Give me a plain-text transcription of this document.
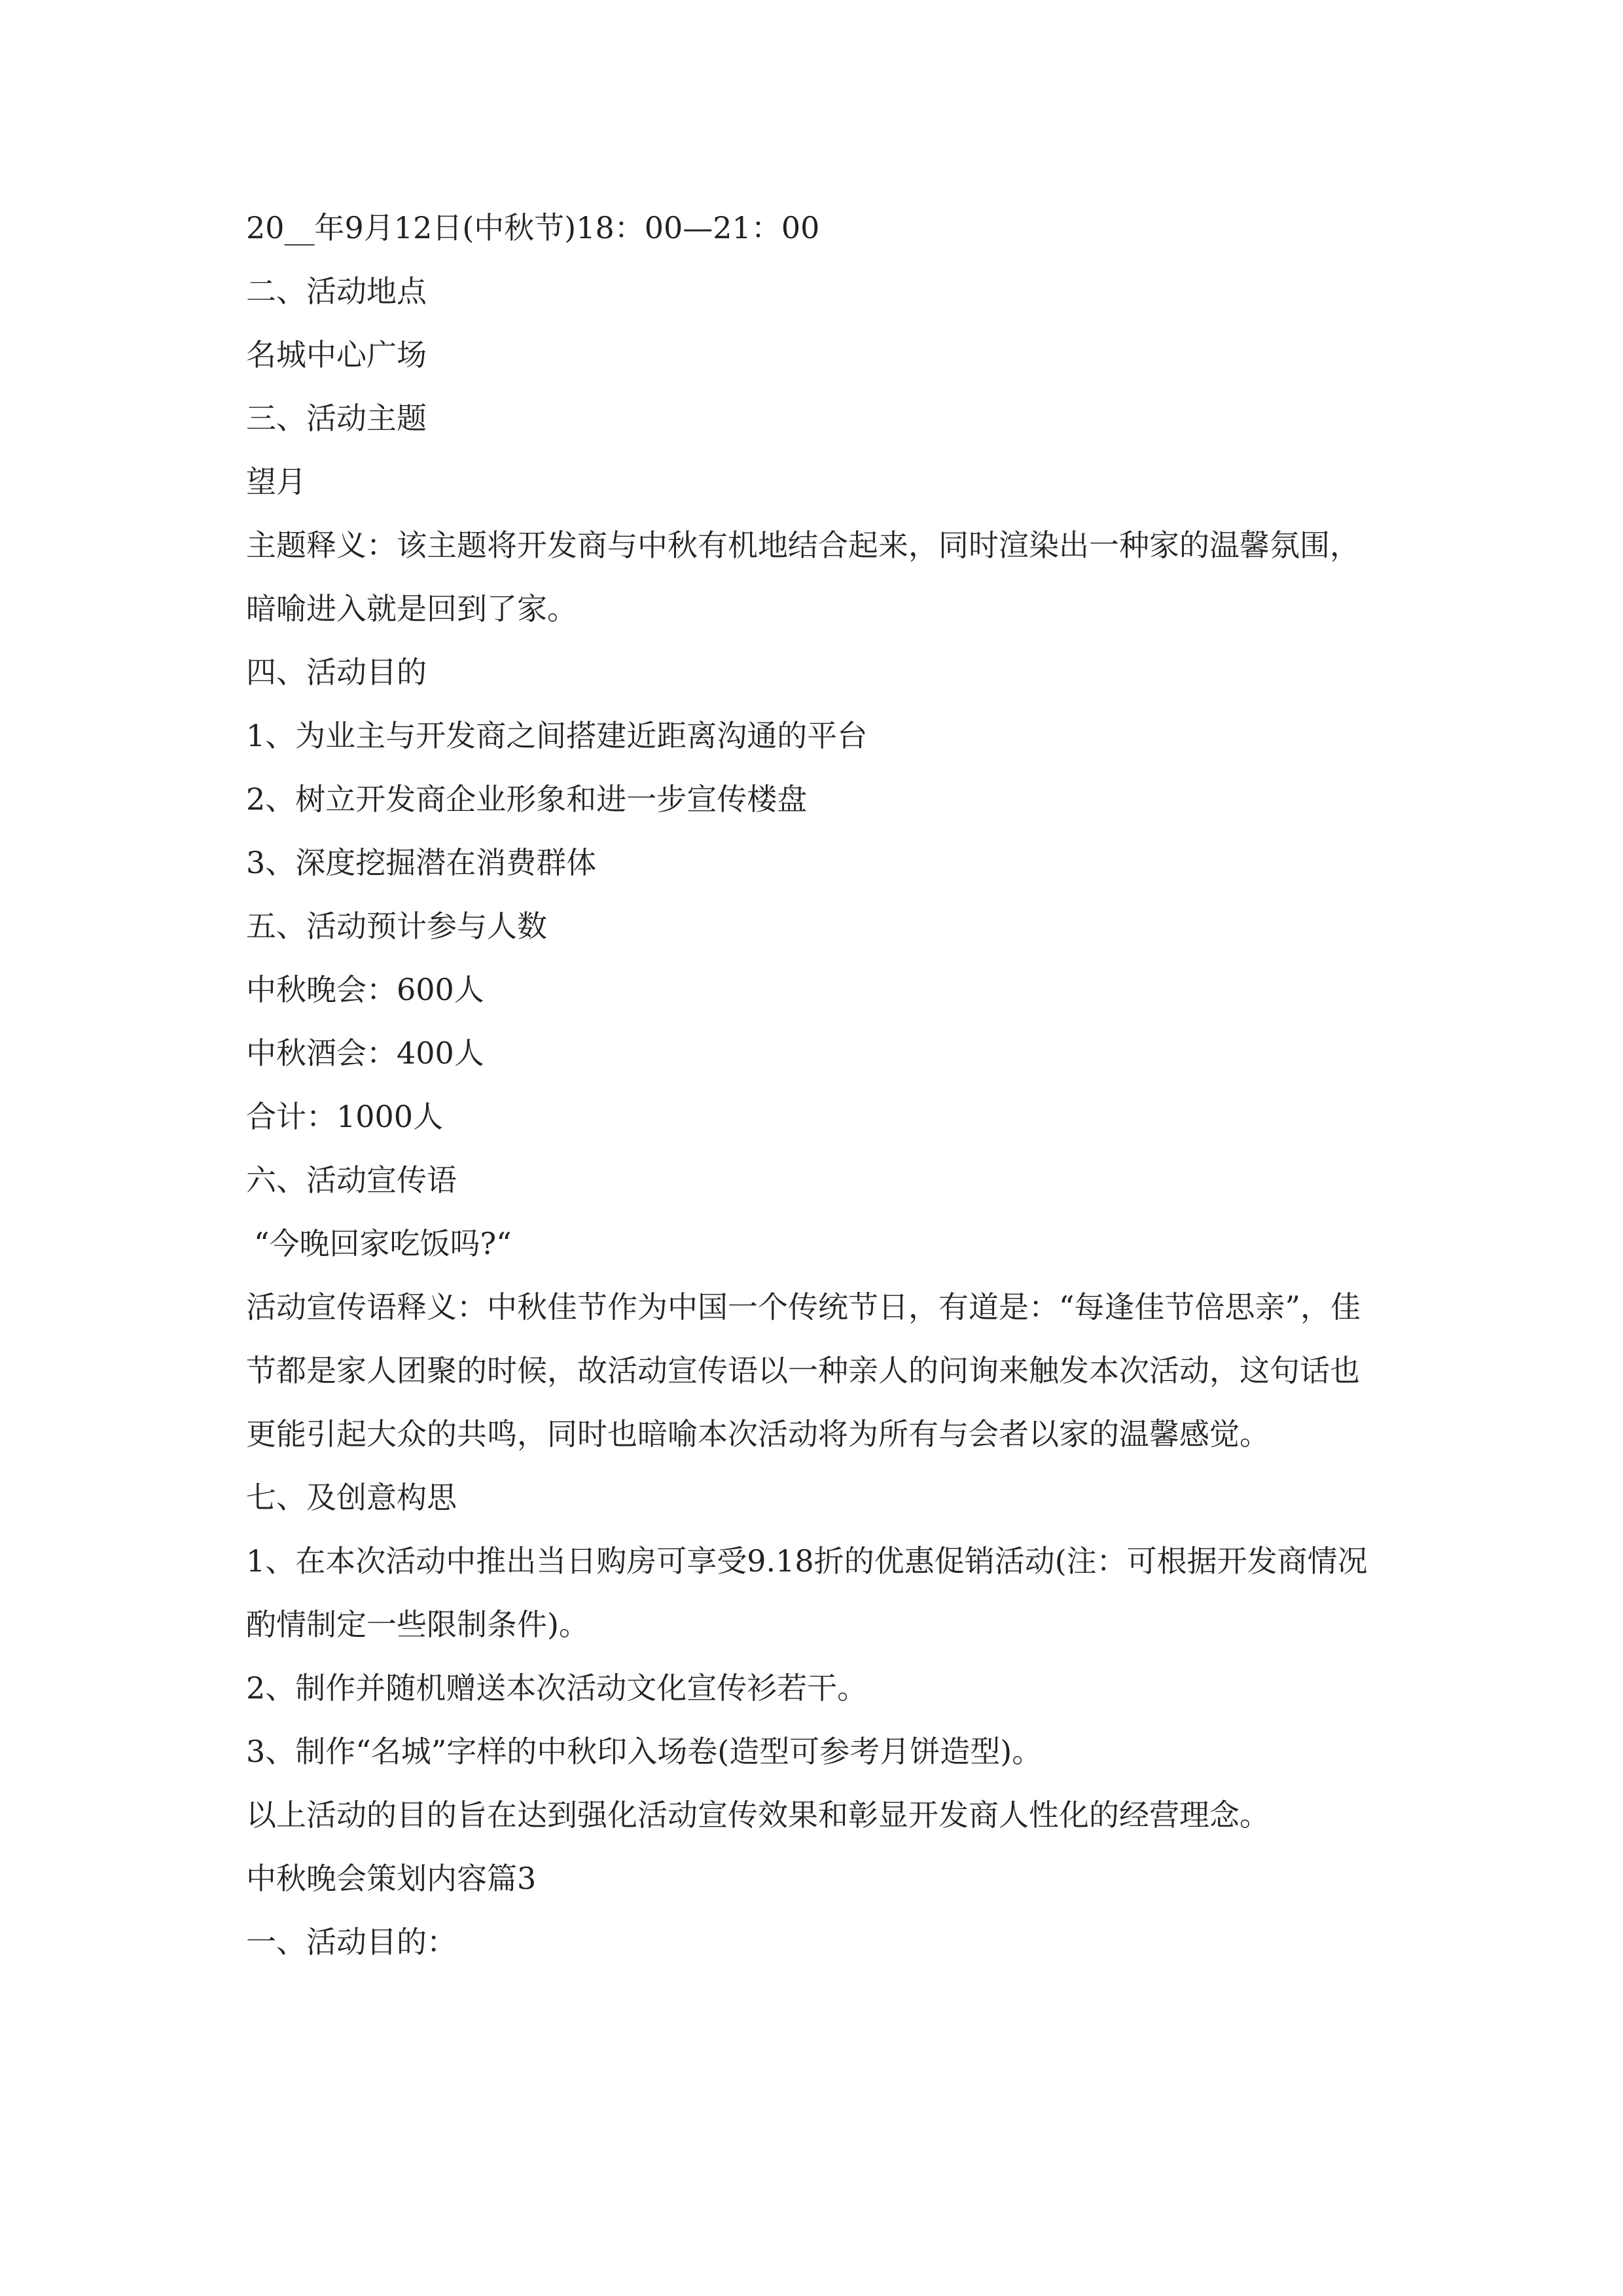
20__年9月12日(中秋节)18：00—21：00

二、活动地点

名城中心广场

三、活动主题

望月

主题释义：该主题将开发商与中秋有机地结合起来，同时渲染出一种家的温馨氛围，暗喻进入就是回到了家。

四、活动目的

1、为业主与开发商之间搭建近距离沟通的平台

2、树立开发商企业形象和进一步宣传楼盘

3、深度挖掘潜在消费群体

五、活动预计参与人数

中秋晚会：600人

中秋酒会：400人

合计：1000人

六、活动宣传语

“今晚回家吃饭吗?“

活动宣传语释义：中秋佳节作为中国一个传统节日，有道是：“每逢佳节倍思亲”，佳节都是家人团聚的时候，故活动宣传语以一种亲人的问询来触发本次活动，这句话也更能引起大众的共鸣，同时也暗喻本次活动将为所有与会者以家的温馨感觉。

七、及创意构思

1、在本次活动中推出当日购房可享受9.18折的优惠促销活动(注：可根据开发商情况酌情制定一些限制条件)。

2、制作并随机赠送本次活动文化宣传衫若干。

3、制作“名城”字样的中秋印入场卷(造型可参考月饼造型)。

以上活动的目的旨在达到强化活动宣传效果和彰显开发商人性化的经营理念。

中秋晚会策划内容篇3

一、活动目的：
